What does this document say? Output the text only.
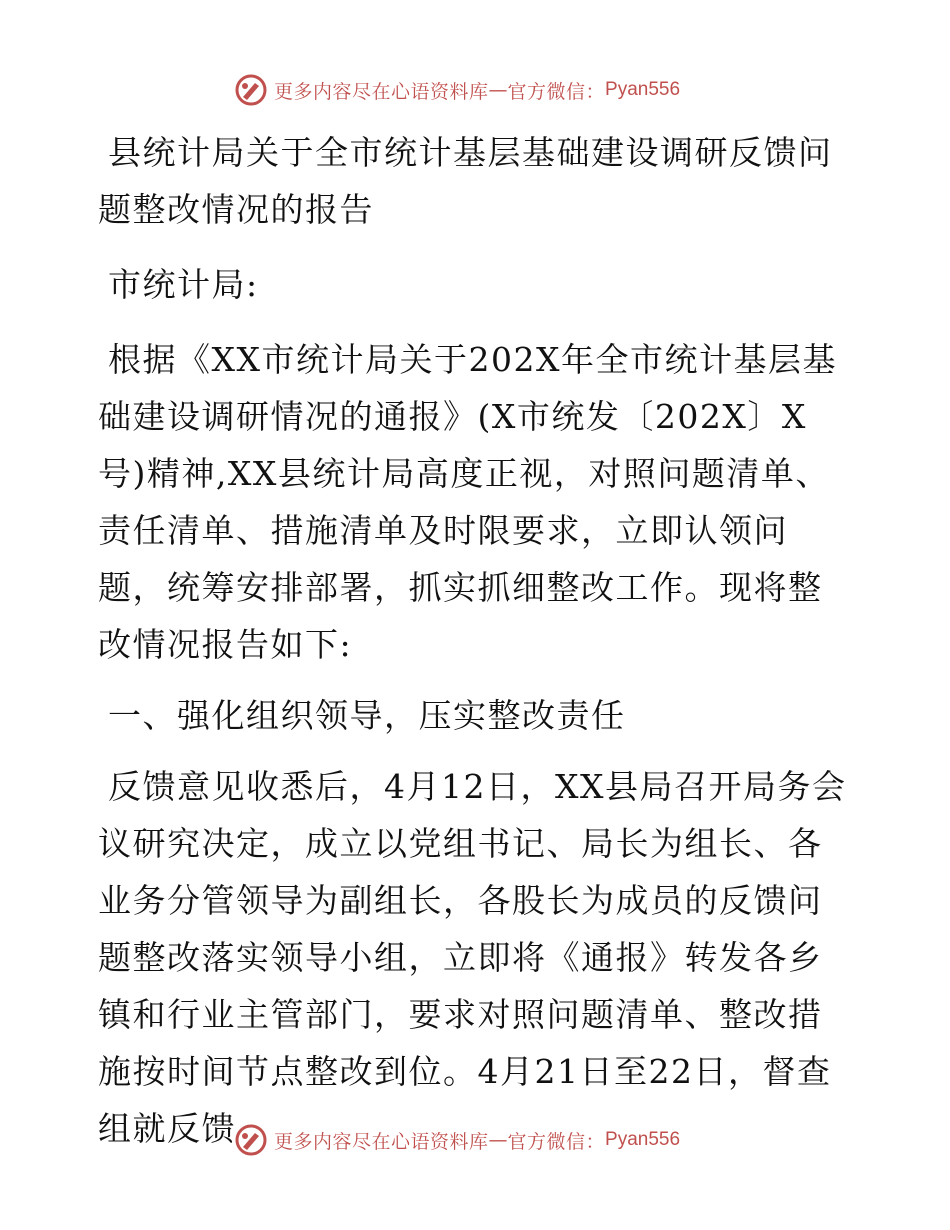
更多内容尽在心语资料库 — 官方微信： Pyan556

县统计局关于全市统计基层基础建设调研反馈问题整改情况的报告

市统计局:

根据《XX市统计局关于202X年全市统计基层基础建设调研情况的通报》(X市统发〔202X〕X号)精神,XX县统计局高度正视，对照问题清单、责任清单、措施清单及时限要求，立即认领问题，统筹安排部署，抓实抓细整改工作。现将整改情况报告如下:

一、强化组织领导，压实整改责任

反馈意见收悉后，4月12日，XX县局召开局务会议研究决定，成立以党组书记、局长为组长、各业务分管领导为副组长，各股长为成员的反馈问题整改落实领导小组，立即将《通报》转发各乡镇和行业主管部门，要求对照问题清单、整改措施按时间节点整改到位。4月21日至22日，督查组就反馈	更多内容尽在心语资料库 — 官方微信： Pyan556
